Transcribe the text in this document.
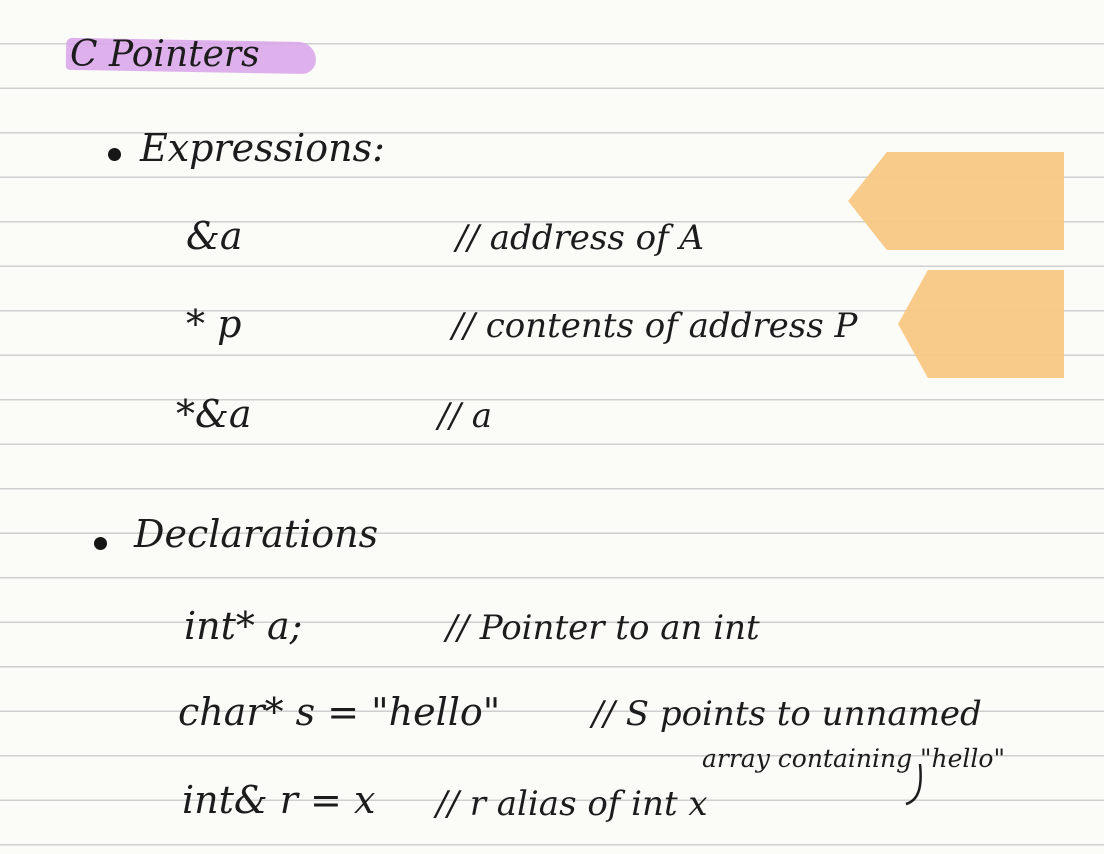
C Pointers
Expressions:
&a	// address of A
* p	// contents of address P
*&a	// a
Declarations
int* a;	// Pointer to an int
char* s = "hello"	// S points to unnamed
array containing "hello"
int& r = x // r alias of int x
